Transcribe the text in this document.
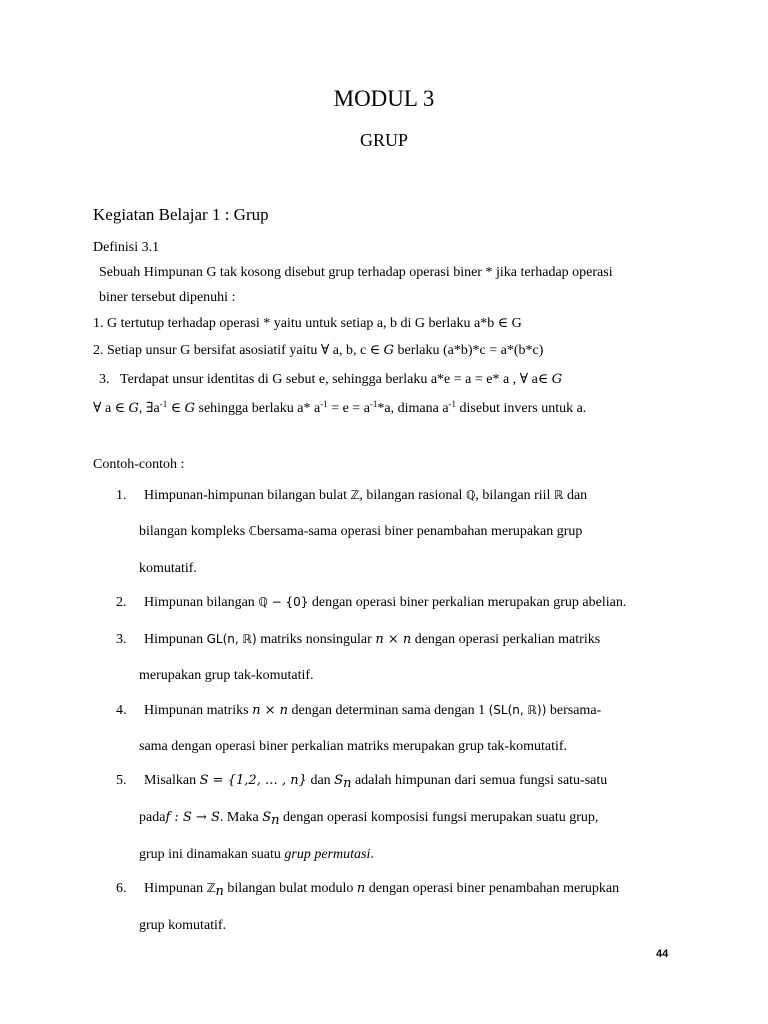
MODUL 3
GRUP
Kegiatan Belajar 1 : Grup
Definisi 3.1
Sebuah Himpunan G tak kosong disebut grup terhadap operasi biner * jika terhadap operasi
biner tersebut dipenuhi :
1. G tertutup terhadap operasi * yaitu untuk setiap a, b di G berlaku a*b ∈ G
2. Setiap unsur G bersifat asosiatif yaitu ∀ a, b, c ∈ G berlaku (a*b)*c = a*(b*c)
3. Terdapat unsur identitas di G sebut e, sehingga berlaku a*e = a = e* a , ∀ a∈ G
∀ a ∈ G, $\exists a^{-1}$ ∈ G sehingga berlaku a* $a^{-1} = e = a^{-1}*a$, dimana $a^{-1}$ disebut invers untuk a.
Contoh-contoh :
1. Himpunan-himpunan bilangan bulat ℤ, bilangan rasional ℚ, bilangan riil ℝ dan
bilangan kompleks ℂbersama-sama operasi biner penambahan merupakan grup
komutatif.
2. Himpunan bilangan ℚ − {0} dengan operasi biner perkalian merupakan grup abelian.
3. Himpunan GL(n, ℝ) matriks nonsingular n × n dengan operasi perkalian matriks
merupakan grup tak-komutatif.
4. Himpunan matriks n × n dengan determinan sama dengan 1 (SL(n, ℝ)) bersama-
sama dengan operasi biner perkalian matriks merupakan grup tak-komutatif.
5. Misalkan S = {1,2, … , n} dan $S_n$ adalah himpunan dari semua fungsi satu-satu
padaf : S → S. Maka $S_n$ dengan operasi komposisi fungsi merupakan suatu grup,
grup ini dinamakan suatu grup permutasi.
6. Himpunan ℤ$_n$ bilangan bulat modulo n dengan operasi biner penambahan merupkan
grup komutatif.
44
